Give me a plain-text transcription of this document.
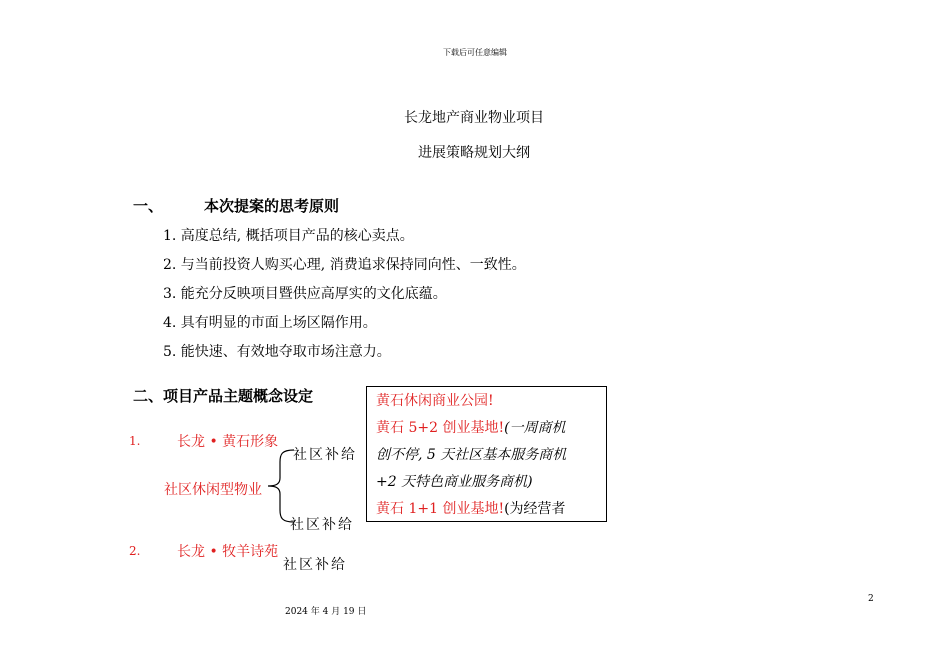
下载后可任意编辑
长龙地产商业物业项目
进展策略规划大纲
一、	本次提案的思考原则
1. 高度总结, 概括项目产品的核心卖点。
2. 与当前投资人购买心理, 消费追求保持同向性、一致性。
3. 能充分反映项目暨供应高厚实的文化底蕴。
4. 具有明显的市面上场区隔作用。
5. 能快速、有效地夺取市场注意力。
二、项目产品主题概念设定
1.	长龙 • 黄石形象
社区补给
社区休闲型物业
社区补给
2.	长龙 • 牧羊诗苑
社区补给
黄石休闲商业公园!
黄石 5+2 创业基地!(一周商机
创不停, 5 天社区基本服务商机
+2 天特色商业服务商机)
黄石 1+1 创业基地!(为经营者
2024 年 4 月 19 日
2
